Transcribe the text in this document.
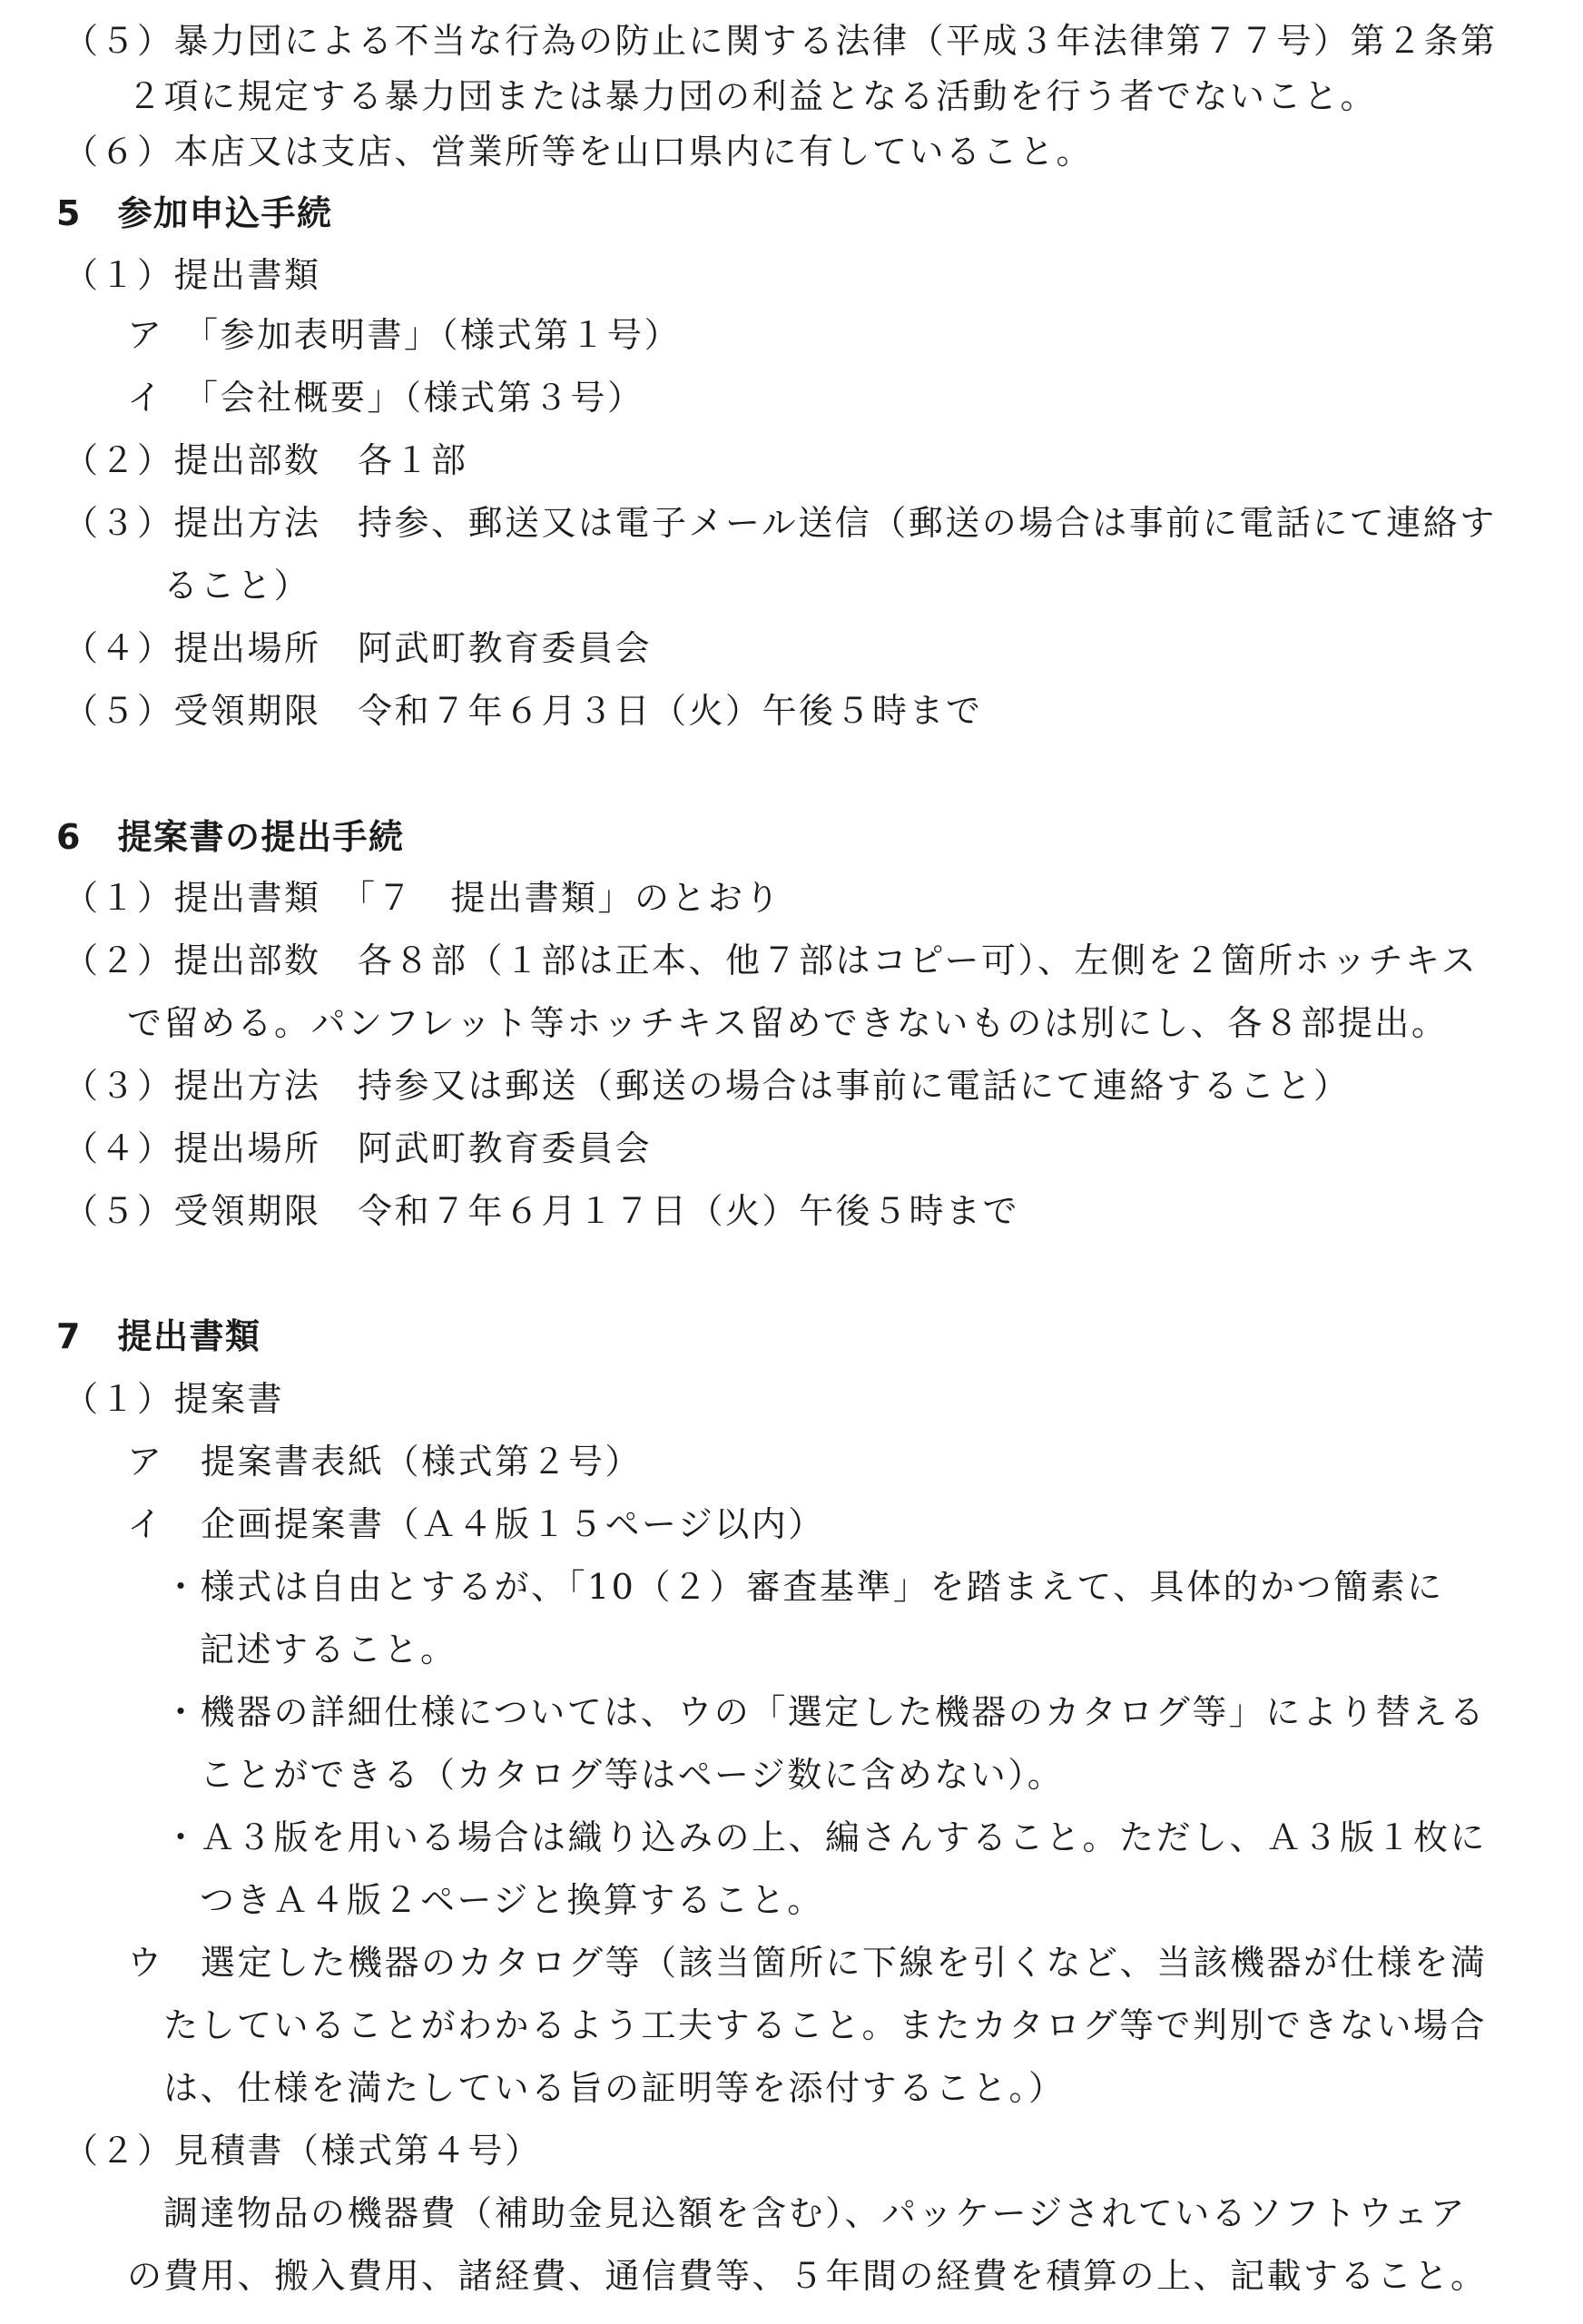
（５）暴力団による不当な行為の防止に関する法律（平成３年法律第７７号）第２条第
２項に規定する暴力団または暴力団の利益となる活動を行う者でないこと。
（６）本店又は支店、営業所等を山口県内に有していること。
5　参加申込手続
（１）提出書類
ア　「参加表明書」（様式第１号）
イ　「会社概要」（様式第３号）
（２）提出部数　各１部
（３）提出方法　持参、郵送又は電子メール送信（郵送の場合は事前に電話にて連絡す
ること）
（４）提出場所　阿武町教育委員会
（５）受領期限　令和７年６月３日（火）午後５時まで
6　提案書の提出手続
（１）提出書類　「７　提出書類」のとおり
（２）提出部数　各８部（１部は正本、他７部はコピー可）、左側を２箇所ホッチキス
で留める。パンフレット等ホッチキス留めできないものは別にし、各８部提出。
（３）提出方法　持参又は郵送（郵送の場合は事前に電話にて連絡すること）
（４）提出場所　阿武町教育委員会
（５）受領期限　令和７年６月１７日（火）午後５時まで
7　提出書類
（１）提案書
ア　提案書表紙（様式第２号）
イ　企画提案書（Ａ４版１５ページ以内）
・様式は自由とするが、「10（２）審査基準」を踏まえて、具体的かつ簡素に
記述すること。
・機器の詳細仕様については、ウの「選定した機器のカタログ等」により替える
ことができる（カタログ等はページ数に含めない）。
・Ａ３版を用いる場合は織り込みの上、編さんすること。ただし、Ａ３版１枚に
つきＡ４版２ページと換算すること。
ウ　選定した機器のカタログ等（該当箇所に下線を引くなど、当該機器が仕様を満
たしていることがわかるよう工夫すること。またカタログ等で判別できない場合
は、仕様を満たしている旨の証明等を添付すること。）
（２）見積書（様式第４号）
調達物品の機器費（補助金見込額を含む）、パッケージされているソフトウェア
の費用、搬入費用、諸経費、通信費等、５年間の経費を積算の上、記載すること。
